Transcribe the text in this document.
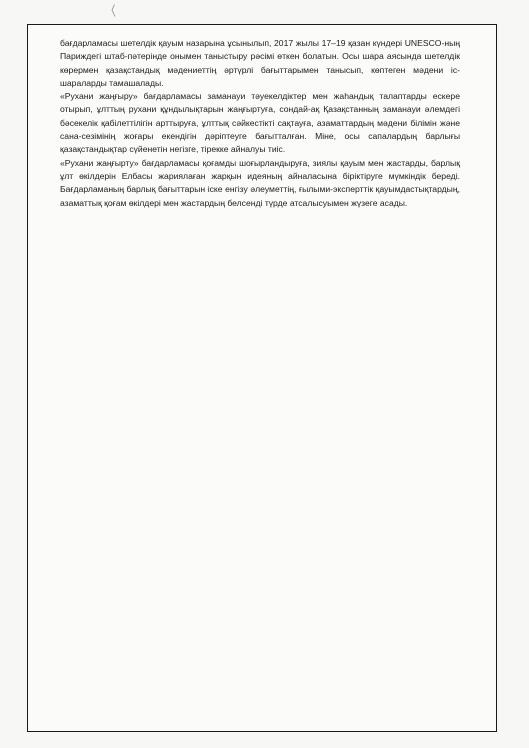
бағдарламасы шетелдік қауым назарына ұсынылып, 2017 жылы 17–19 қазан күндері UNESCO-ның Париждегі штаб-пәтерінде онымен таныстыру рәсімі өткен болатын. Осы шара аясында шетелдік көрермен қазақстандық мәдениеттің әртүрлі бағыттарымен танысып, көптеген мәдени іс-шараларды тамашалады.

«Рухани жаңғыру» бағдарламасы заманауи тәуекелдіктер мен жаһандық талаптарды ескере отырып, ұлттың рухани құндылықтарын жаңғыртуға, сондай-ақ Қазақстанның заманауи әлемдегі бәсекелік қабілеттілігін арттыруға, ұлттық сәйкестікті сақтауға, азаматтардың мәдени білімін және сана-сезімінің жоғары екендігін дәріптеуге бағытталған. Міне, осы сапалардың барлығы қазақстандықтар сүйенетін негізге, тірекке айналуы тиіс.

«Рухани жаңғырту» бағдарламасы қоғамды шоғырландыруға, зиялы қауым мен жастарды, барлық ұлт өкілдерін Елбасы жариялаған жарқын идеяның айналасына біріктіруге мүмкіндік береді. Бағдарламаның барлық бағыттарын іске енгізу әлеуметтің, ғылыми-эксперттік қауымдастықтардың, азаматтық қоғам өкілдері мен жастардың белсенді түрде атсалысуымен жүзеге асады.
